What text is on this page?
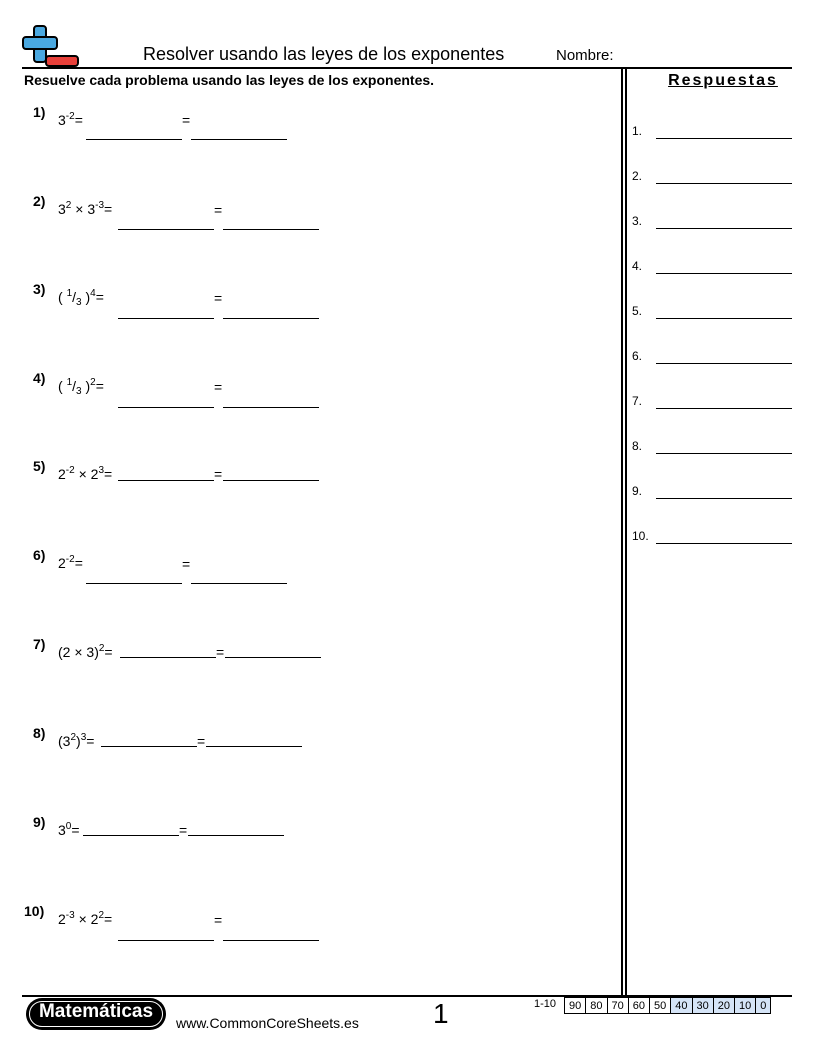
Resolver usando las leyes de los exponentes	Nombre:
Resuelve cada problema usando las leyes de los exponentes.
1) $3^{-2}=$	=
2) $3^2 \times 3^{-3}=$	=
3) ( $^1/_3$ )$^4$=	=
4) ( $^1/_3$ )$^2$=	=
5) $2^{-2} \times 2^3=$	=
6) $2^{-2}=$	=
7) $(2 \times 3)^2=$	=
8) $(3^2)^3=$	=
9) $3^0=$	=
10) $2^{-3} \times 2^2=$	=
Respuestas
1.
2.
3.
4.
5.
6.
7.
8.
9.
10.
Matemáticas
www.CommonCoreSheets.es	1	1-10 90	80	70	60	50	40	30	20	10	0
